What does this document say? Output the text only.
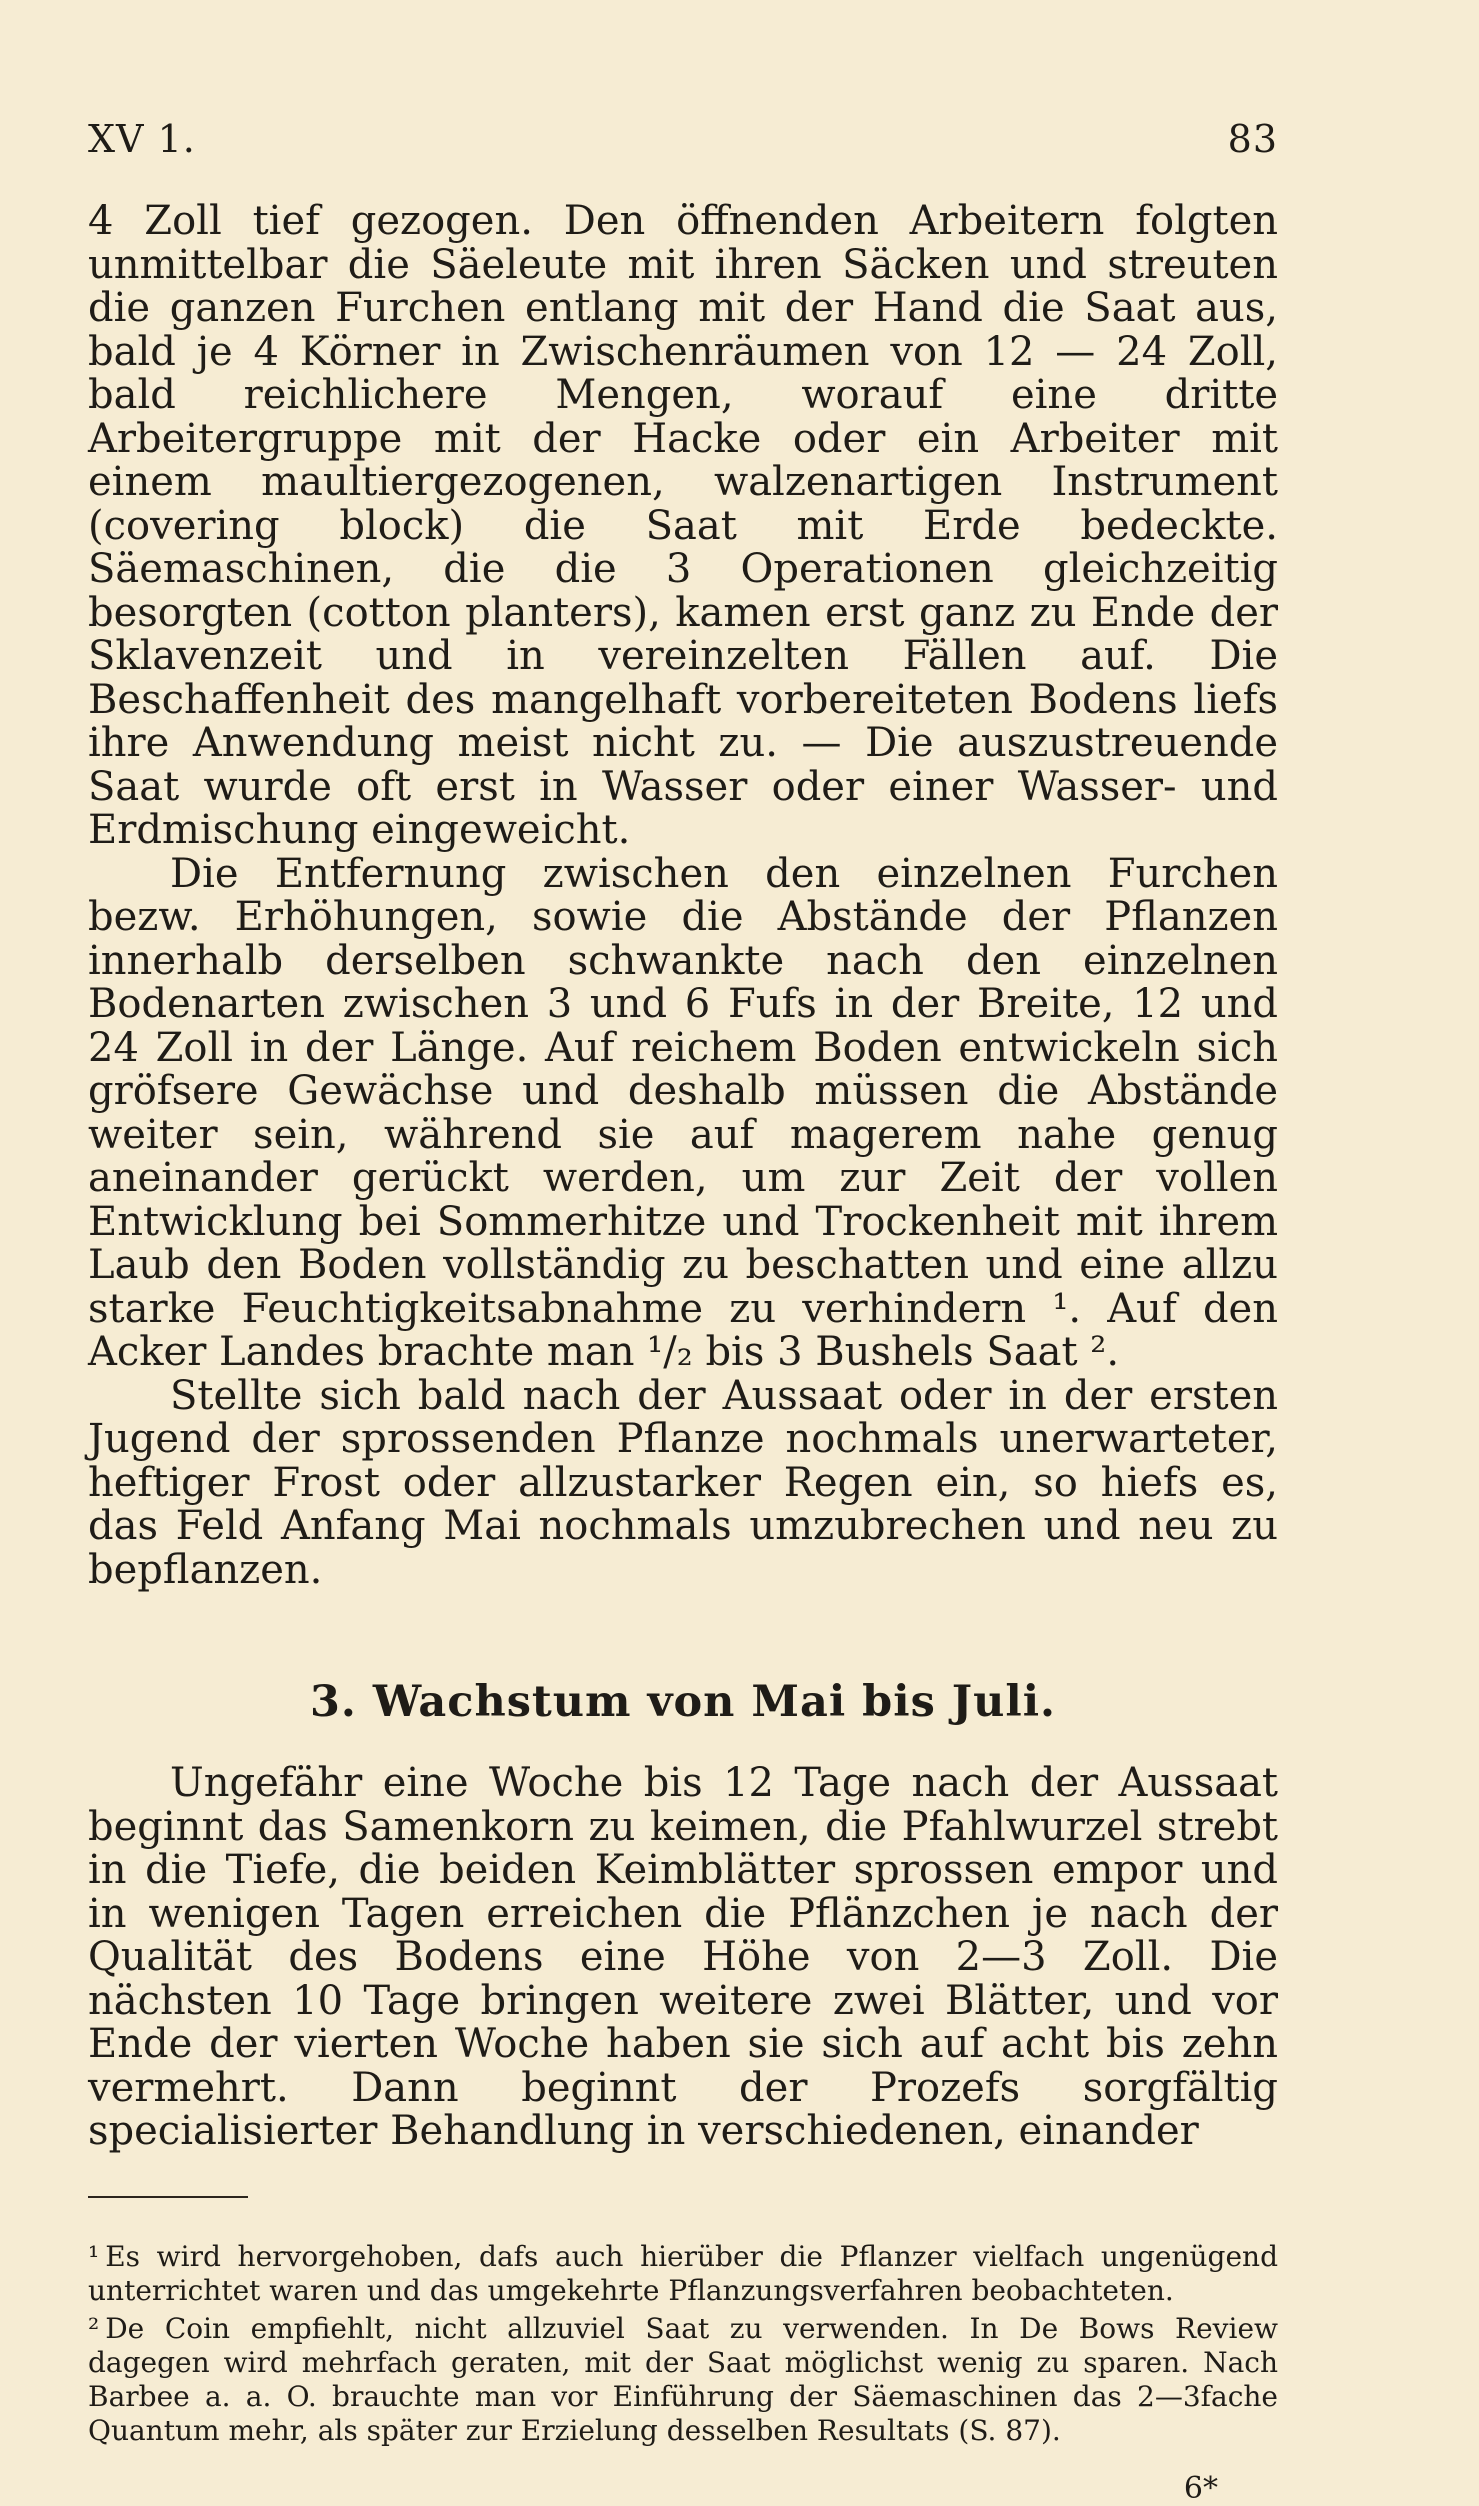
XV 1.	83

4 Zoll tief gezogen. Den öffnenden Arbeitern folgten unmittelbar die Säeleute mit ihren Säcken und streuten die ganzen Furchen entlang mit der Hand die Saat aus, bald je 4 Körner in Zwischenräumen von 12 — 24 Zoll, bald reichlichere Mengen, worauf eine dritte Arbeitergruppe mit der Hacke oder ein Arbeiter mit einem maultiergezogenen, walzenartigen Instrument (covering block) die Saat mit Erde bedeckte. Säemaschinen, die die 3 Operationen gleichzeitig besorgten (cotton planters), kamen erst ganz zu Ende der Sklavenzeit und in vereinzelten Fällen auf. Die Beschaffenheit des mangelhaft vorbereiteten Bodens liefs ihre Anwendung meist nicht zu. — Die auszustreuende Saat wurde oft erst in Wasser oder einer Wasser- und Erdmischung eingeweicht.

Die Entfernung zwischen den einzelnen Furchen bezw. Erhöhungen, sowie die Abstände der Pflanzen innerhalb derselben schwankte nach den einzelnen Bodenarten zwischen 3 und 6 Fufs in der Breite, 12 und 24 Zoll in der Länge. Auf reichem Boden entwickeln sich gröfsere Gewächse und deshalb müssen die Abstände weiter sein, während sie auf magerem nahe genug aneinander gerückt werden, um zur Zeit der vollen Entwicklung bei Sommerhitze und Trockenheit mit ihrem Laub den Boden vollständig zu beschatten und eine allzu starke Feuchtigkeitsabnahme zu verhindern ¹. Auf den Acker Landes brachte man ¹/₂ bis 3 Bushels Saat ².

Stellte sich bald nach der Aussaat oder in der ersten Jugend der sprossenden Pflanze nochmals unerwarteter, heftiger Frost oder allzustarker Regen ein, so hiefs es, das Feld Anfang Mai nochmals umzubrechen und neu zu bepflanzen.

3. Wachstum von Mai bis Juli.

Ungefähr eine Woche bis 12 Tage nach der Aussaat beginnt das Samenkorn zu keimen, die Pfahlwurzel strebt in die Tiefe, die beiden Keimblätter sprossen empor und in wenigen Tagen erreichen die Pflänzchen je nach der Qualität des Bodens eine Höhe von 2—3 Zoll. Die nächsten 10 Tage bringen weitere zwei Blätter, und vor Ende der vierten Woche haben sie sich auf acht bis zehn vermehrt. Dann beginnt der Prozefs sorgfältig specialisierter Behandlung in verschiedenen, einander

¹ Es wird hervorgehoben, dafs auch hierüber die Pflanzer vielfach ungenügend unterrichtet waren und das umgekehrte Pflanzungsverfahren beobachteten.

² De Coin empfiehlt, nicht allzuviel Saat zu verwenden. In De Bows Review dagegen wird mehrfach geraten, mit der Saat möglichst wenig zu sparen. Nach Barbee a. a. O. brauchte man vor Einführung der Säemaschinen das 2—3fache Quantum mehr, als später zur Erzielung desselben Resultats (S. 87).

6*
